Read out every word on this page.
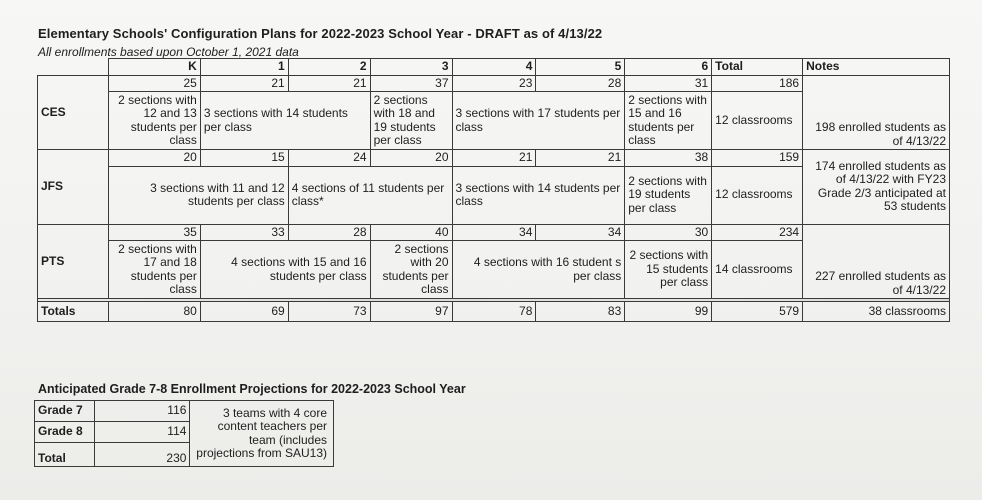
Elementary Schools' Configuration Plans for 2022-2023 School Year - DRAFT as of 4/13/22
All enrollments based upon October 1, 2021 data
	K	1	2	3	4	5	6	Total	Notes
CES	25	21	21	37	23	28	31	186	198 enrolled students as of 4/13/22
	2 sections with 12 and 13 students per class	3 sections with 14 students per class		2 sections with 18 and 19 students per class	3 sections with 17 students per class		2 sections with 15 and 16 students per class	12 classrooms	
JFS	20	15	24	20	21	21	38	159	174 enrolled students as of 4/13/22 with FY23 Grade 2/3 anticipated at 53 students
	3 sections with 11 and 12 students per class		4 sections of 11 students per class*		3 sections with 14 students per class		2 sections with 19 students per class	12 classrooms	
PTS	35	33	28	40	34	34	30	234	227 enrolled students as of 4/13/22
	2 sections with 17 and 18 students per class	4 sections with 15 and 16 students per class		2 sections with 20 students per class	4 sections with 16 student s per class		2 sections with 15 students per class	14 classrooms	

Totals	80	69	73	97	78	83	99	579	38 classrooms
Anticipated Grade 7-8 Enrollment Projections for 2022-2023 School Year
Grade 7	116	3 teams with 4 core content teachers per team (includes projections from SAU13)
Grade 8	114	
Total	230	
